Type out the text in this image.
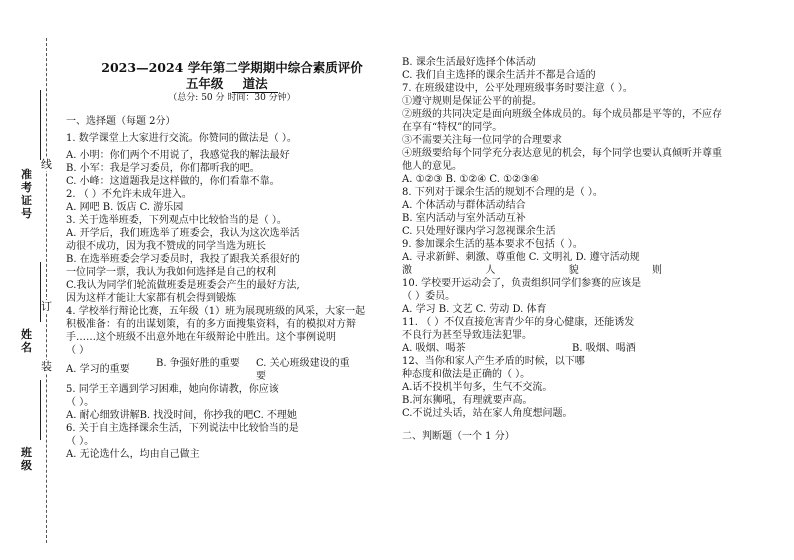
线
订
装
准考证号
姓名
班级
2023—2024 学年第二学期期中综合素质评价
五年级 道法
（总分: 50 分 时间：30 分钟）
一、选择题（每题 2分）
1. 数学课堂上大家进行交流。你赞同的做法是（ ）。
A. 小明：你们两个不用说了，我感觉我的解法最好
B. 小军：我是学习委员，你们都听我的吧。
C. 小峰：这道题我是这样做的，你们看靠不靠。
2. （ ）不允许未成年进入。
A. 网吧 B. 饭店 C. 游乐园
3. 关于选举班委，下列观点中比较恰当的是（ ）。
A. 开学后，我们班选举了班委会，我认为这次选举活
动很不成功，因为我不赞成的同学当选为班长
B. 在选举班委会学习委员时，我投了跟我关系很好的
一位同学一票，我认为我如何选择是自己的权利
C.我认为同学们轮流做班委是班委会产生的最好方法,
因为这样才能让大家都有机会得到锻炼
4. 学校举行辩论比赛，五年级（1）班为展现班级的风采，大家一起
积极准备：有的出谋划策，有的多方面搜集资料，有的模拟对方辩
手……这个班级不出意外地在年级辩论中胜出。这个事例说明
（ ）
A. 学习的重要
B. 争强好胜的重要	C. 关心班级建设的重要
5. 同学王辛遇到学习困难，她向你请教，你应该
（ ）。
A. 耐心细致讲解B. 找没时间，你抄我的吧C. 不理她
6. 关于自主选择课余生活，下列说法中比较恰当的是
（ ）。
A. 无论选什么，均由自己做主
B. 课余生活最好选择个体活动
C. 我们自主选择的课余生活并不都是合适的
7. 在班级建设中，公平处理班级事务时要注意（ ）。
①遵守规则是保证公平的前提。
②班级的共同决定是面向班级全体成员的。每个成员都是平等的，不应存
在享有“特权”的同学。
③不需要关注每一位同学的合理要求
④班级要给每个同学充分表达意见的机会，每个同学也要认真倾听并尊重
他人的意见。
A. ①②③ B. ①②④ C. ①②③④
8. 下列对于课余生活的规划不合理的是（ ）。
A. 个体活动与群体活动结合
B. 室内活动与室外活动互补
C. 只处理好课内学习忽视课余生活
9. 参加课余生活的基本要求不包括（ ）。
A. 寻求新鲜、刺激、尊重他 C. 文明礼 D. 遵守活动规
激	人	貌	则
10. 学校要开运动会了，负责组织同学们参赛的应该是
（ ）委员。
A. 学习 B. 文艺 C. 劳动 D. 体育
11. （ ）不仅直接危害青少年的身心健康，还能诱发
不良行为甚至导致违法犯罪。
A. 吸烟、喝茶	B. 吸烟、喝酒
12、当你和家人产生矛盾的时候，以下哪
种态度和做法是正确的（ ）。
A.话不投机半句多，生气不交流。
B.河东狮吼，有理就要声高。
C.不说过头话，站在家人角度想问题。
二、判断题（一个 1 分）
